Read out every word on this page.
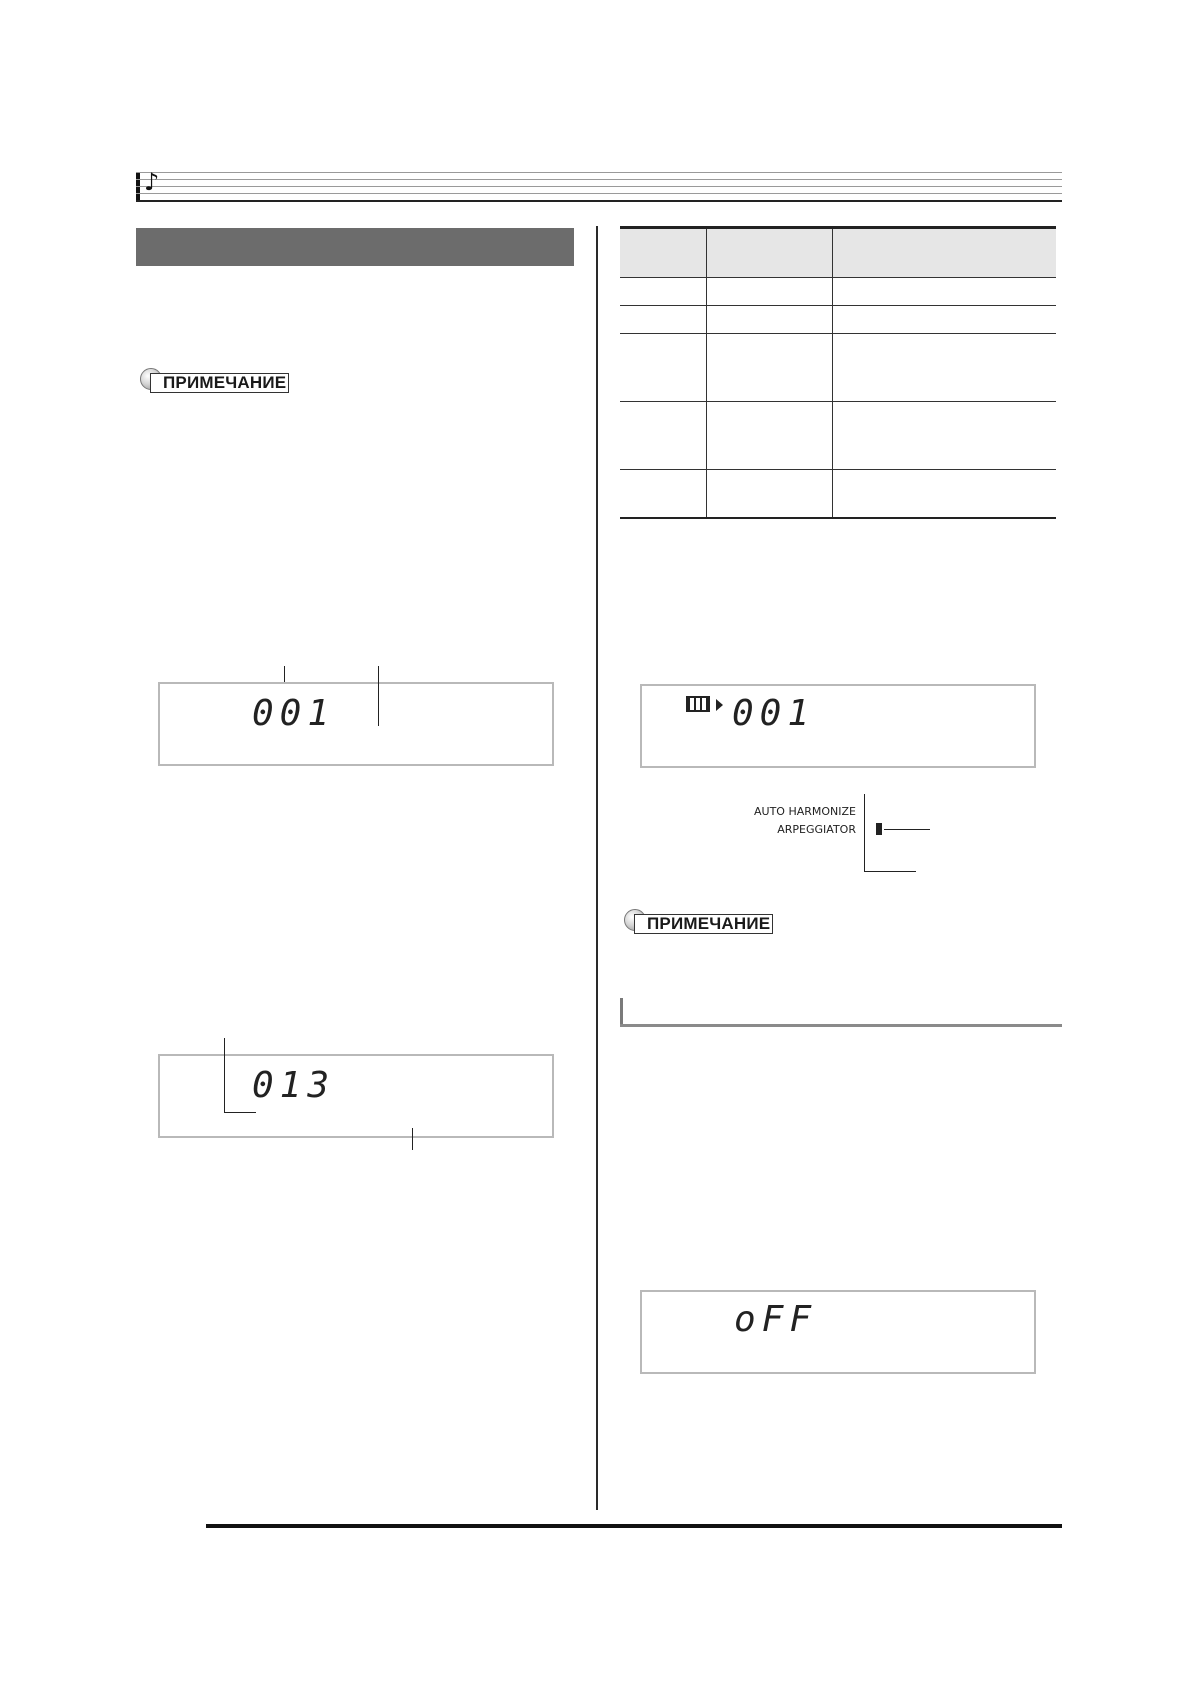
♪
ПРИМЕЧАНИЕ
001
013

001
AUTO HARMONIZE
ARPEGGIATOR
ПРИМЕЧАНИЕ
oFF
